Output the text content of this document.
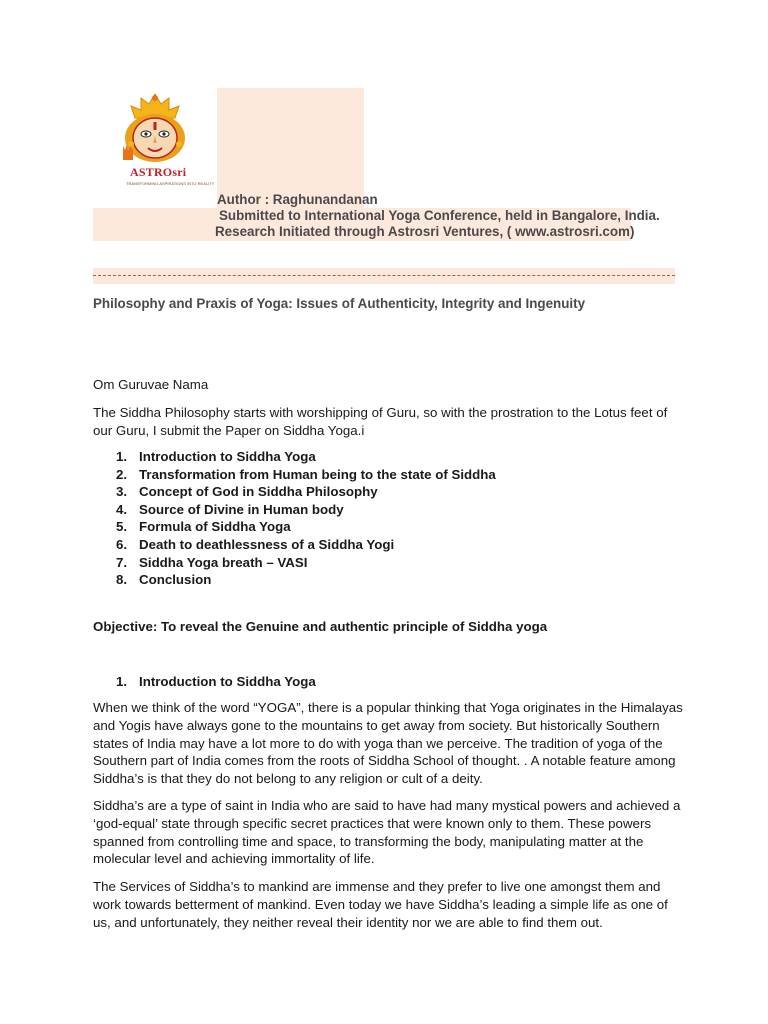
ASTROsri
TRANSFORMING ASPIRATIONS INTO REALITY
Author : Raghunandanan
Submitted to International Yoga Conference, held in Bangalore, India.
Research Initiated through Astrosri Ventures, ( www.astrosri.com)
Philosophy and Praxis of Yoga: Issues of Authenticity, Integrity and Ingenuity
Om Guruvae Nama

The Siddha Philosophy starts with worshipping of Guru, so with the prostration to the Lotus feet of our Guru, I submit the Paper on Siddha Yoga.i

1. Introduction to Siddha Yoga
2. Transformation from Human being to the state of Siddha
3. Concept of God in Siddha Philosophy
4. Source of Divine in Human body
5. Formula of Siddha Yoga
6. Death to deathlessness of a Siddha Yogi
7. Siddha Yoga breath – VASI
8. Conclusion
Objective: To reveal the Genuine and authentic principle of Siddha yoga
1. Introduction to Siddha Yoga

When we think of the word “YOGA”, there is a popular thinking that Yoga originates in the Himalayas and Yogis have always gone to the mountains to get away from society. But historically Southern states of India may have a lot more to do with yoga than we perceive. The tradition of yoga of the Southern part of India comes from the roots of Siddha School of thought. . A notable feature among Siddha’s is that they do not belong to any religion or cult of a deity.

Siddha’s are a type of saint in India who are said to have had many mystical powers and achieved a ‘god-equal’ state through specific secret practices that were known only to them. These powers spanned from controlling time and space, to transforming the body, manipulating matter at the molecular level and achieving immortality of life.

The Services of Siddha’s to mankind are immense and they prefer to live one amongst them and work towards betterment of mankind. Even today we have Siddha’s leading a simple life as one of us, and unfortunately, they neither reveal their identity nor we are able to find them out.
